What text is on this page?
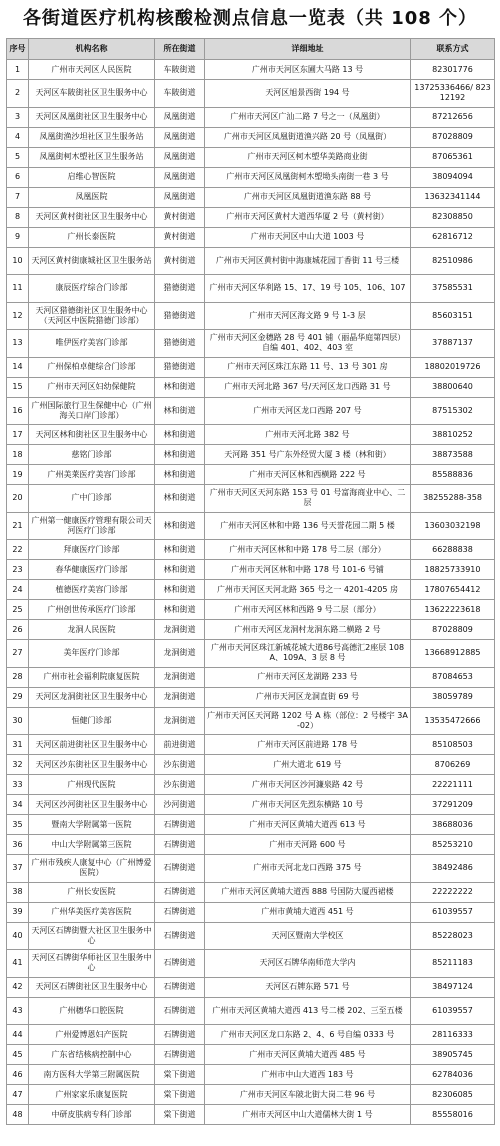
各街道医疗机构核酸检测点信息一览表（共 108 个）
序号	机构名称	所在街道	详细地址	联系方式
1	广州市天河区人民医院	车陂街道	广州市天河区东圃大马路 13 号	82301776
2	天河区车陂街社区卫生服务中心	车陂街道	天河区旭景西街 194 号	13725336466/ 82312192
3	天河区凤凰街社区卫生服务中心	凤凰街道	广州市天河区广汕二路 7 号之一（凤凰街）	87212656
4	凤凰街渔沙坦社区卫生服务站	凤凰街道	广州市天河区凤凰街道渔兴路 20 号（凤凰街）	87028809
5	凤凰街柯木塱社区卫生服务站	凤凰街道	广州市天河区柯木塱华美路商业街	87065361
6	启维心智医院	凤凰街道	广州市天河区凤凰街柯木塱坳头南街一巷 3 号	38094094
7	凤凰医院	凤凰街道	广州市天河区凤凰街道渔东路 88 号	13632341144
8	天河区黄村街社区卫生服务中心	黄村街道	广州市天河区黄村大道西华厦 2 号（黄村街）	82308850
9	广州长泰医院	黄村街道	广州市天河区中山大道 1003 号	62816712
10	天河区黄村街康城社区卫生服务站	黄村街道	广州市天河区黄村街中海康城花园丁香街 11 号三楼	82510986
11	康辰医疗综合门诊部	猎德街道	广州市天河区华利路 15、17、19 号 105、106、107	37585531
12	天河区猎德街社区卫生服务中心（天河区中医院猎德门诊部）	猎德街道	广州市天河区海文路 9 号 1-3 层	85603151
13	唯伊医疗美容门诊部	猎德街道	广州市天河区金穗路 28 号 401 铺（丽晶华庭第四层）自编 401、402、403 室	37887137
14	广州保柏卓健综合门诊部	猎德街道	广州市天河区珠江东路 11 号、13 号 301 房	18802019726
15	广州市天河区妇幼保健院	林和街道	广州市天河北路 367 号/天河区龙口西路 31 号	38800640
16	广州国际旅行卫生保健中心（广州海关口岸门诊部）	林和街道	广州市天河区龙口西路 207 号	87515302
17	天河区林和街社区卫生服务中心	林和街道	广州市天河北路 382 号	38810252
18	慈铭门诊部	林和街道	天河路 351 号广东外经贸大厦 3 楼（林和街）	38873588
19	广州美莱医疗美容门诊部	林和街道	广州市天河区林和西横路 222 号	85588836
20	广中门诊部	林和街道	广州市天河区天河东路 153 号 01 号富海商业中心、二层	38255288-358
21	广州第一健康医疗管理有限公司天河医疗门诊部	林和街道	广州市天河区林和中路 136 号天誉花园二期 5 楼	13603032198
22	拜康医疗门诊部	林和街道	广州市天河区林和中路 178 号二层（部分）	66288838
23	春华健康医疗门诊部	林和街道	广州市天河区林和中路 178 号 101-6 号铺	18825733910
24	植德医疗美容门诊部	林和街道	广州市天河区天河北路 365 号之一 4201-4205 房	17807654412
25	广州创世传承医疗门诊部	林和街道	广州市天河区林和西路 9 号二层（部分）	13622223618
26	龙洞人民医院	龙洞街道	广州市天河区龙洞村龙洞东路二横路 2 号	87028809
27	美年医疗门诊部	龙洞街道	广州市天河区珠江新城花城大道86号高德汇2座层 108A、109A、3 层 8 号	13668912885
28	广州市社会福利院康复医院	龙洞街道	广州市天河区龙湖路 233 号	87084653
29	天河区龙洞街社区卫生服务中心	龙洞街道	广州市天河区龙洞直街 69 号	38059789
30	恒健门诊部	龙洞街道	广州市天河区天河路 1202 号 A 栋（部位：2 号楼宇 3A-02）	13535472666
31	天河区前进街社区卫生服务中心	前进街道	广州市天河区前进路 178 号	85108503
32	天河区沙东街社区卫生服务中心	沙东街道	广州大道北 619 号	8706269
33	广州现代医院	沙东街道	广州市天河区沙河濂泉路 42 号	22221111
34	天河区沙河街社区卫生服务中心	沙河街道	广州市天河区先烈东横路 10 号	37291209
35	暨南大学附属第一医院	石牌街道	广州市天河区黄埔大道西 613 号	38688036
36	中山大学附属第三医院	石牌街道	广州市天河路 600 号	85253210
37	广州市残疾人康复中心（广州博爱医院）	石牌街道	广州市天河北龙口西路 375 号	38492486
38	广州长安医院	石牌街道	广州市天河区黄埔大道西 888 号国防大厦西裙楼	22222222
39	广州华美医疗美容医院	石牌街道	广州市黄埔大道西 451 号	61039557
40	天河区石牌街暨大社区卫生服务中心	石牌街道	天河区暨南大学校区	85228023
41	天河区石牌街华师社区卫生服务中心	石牌街道	天河区石牌华南师范大学内	85211183
42	天河区石牌街社区卫生服务中心	石牌街道	天河区石牌东路 571 号	38497124
43	广州穗华口腔医院	石牌街道	广州市天河区黄埔大道西 413 号二楼 202、三至五楼	61039557
44	广州爱博恩妇产医院	石牌街道	广州市天河区龙口东路 2、4、6 号自编 0333 号	28116333
45	广东省结核病控制中心	石牌街道	广州市天河区黄埔大道西 485 号	38905745
46	南方医科大学第三附属医院	棠下街道	广州市中山大道西 183 号	62784036
47	广州家家乐康复医院	棠下街道	广州市天河区车陂北街大岗二巷 96 号	82306085
48	中研皮肤病专科门诊部	棠下街道	广州市天河区中山大道儒林大街 1 号	85558016
